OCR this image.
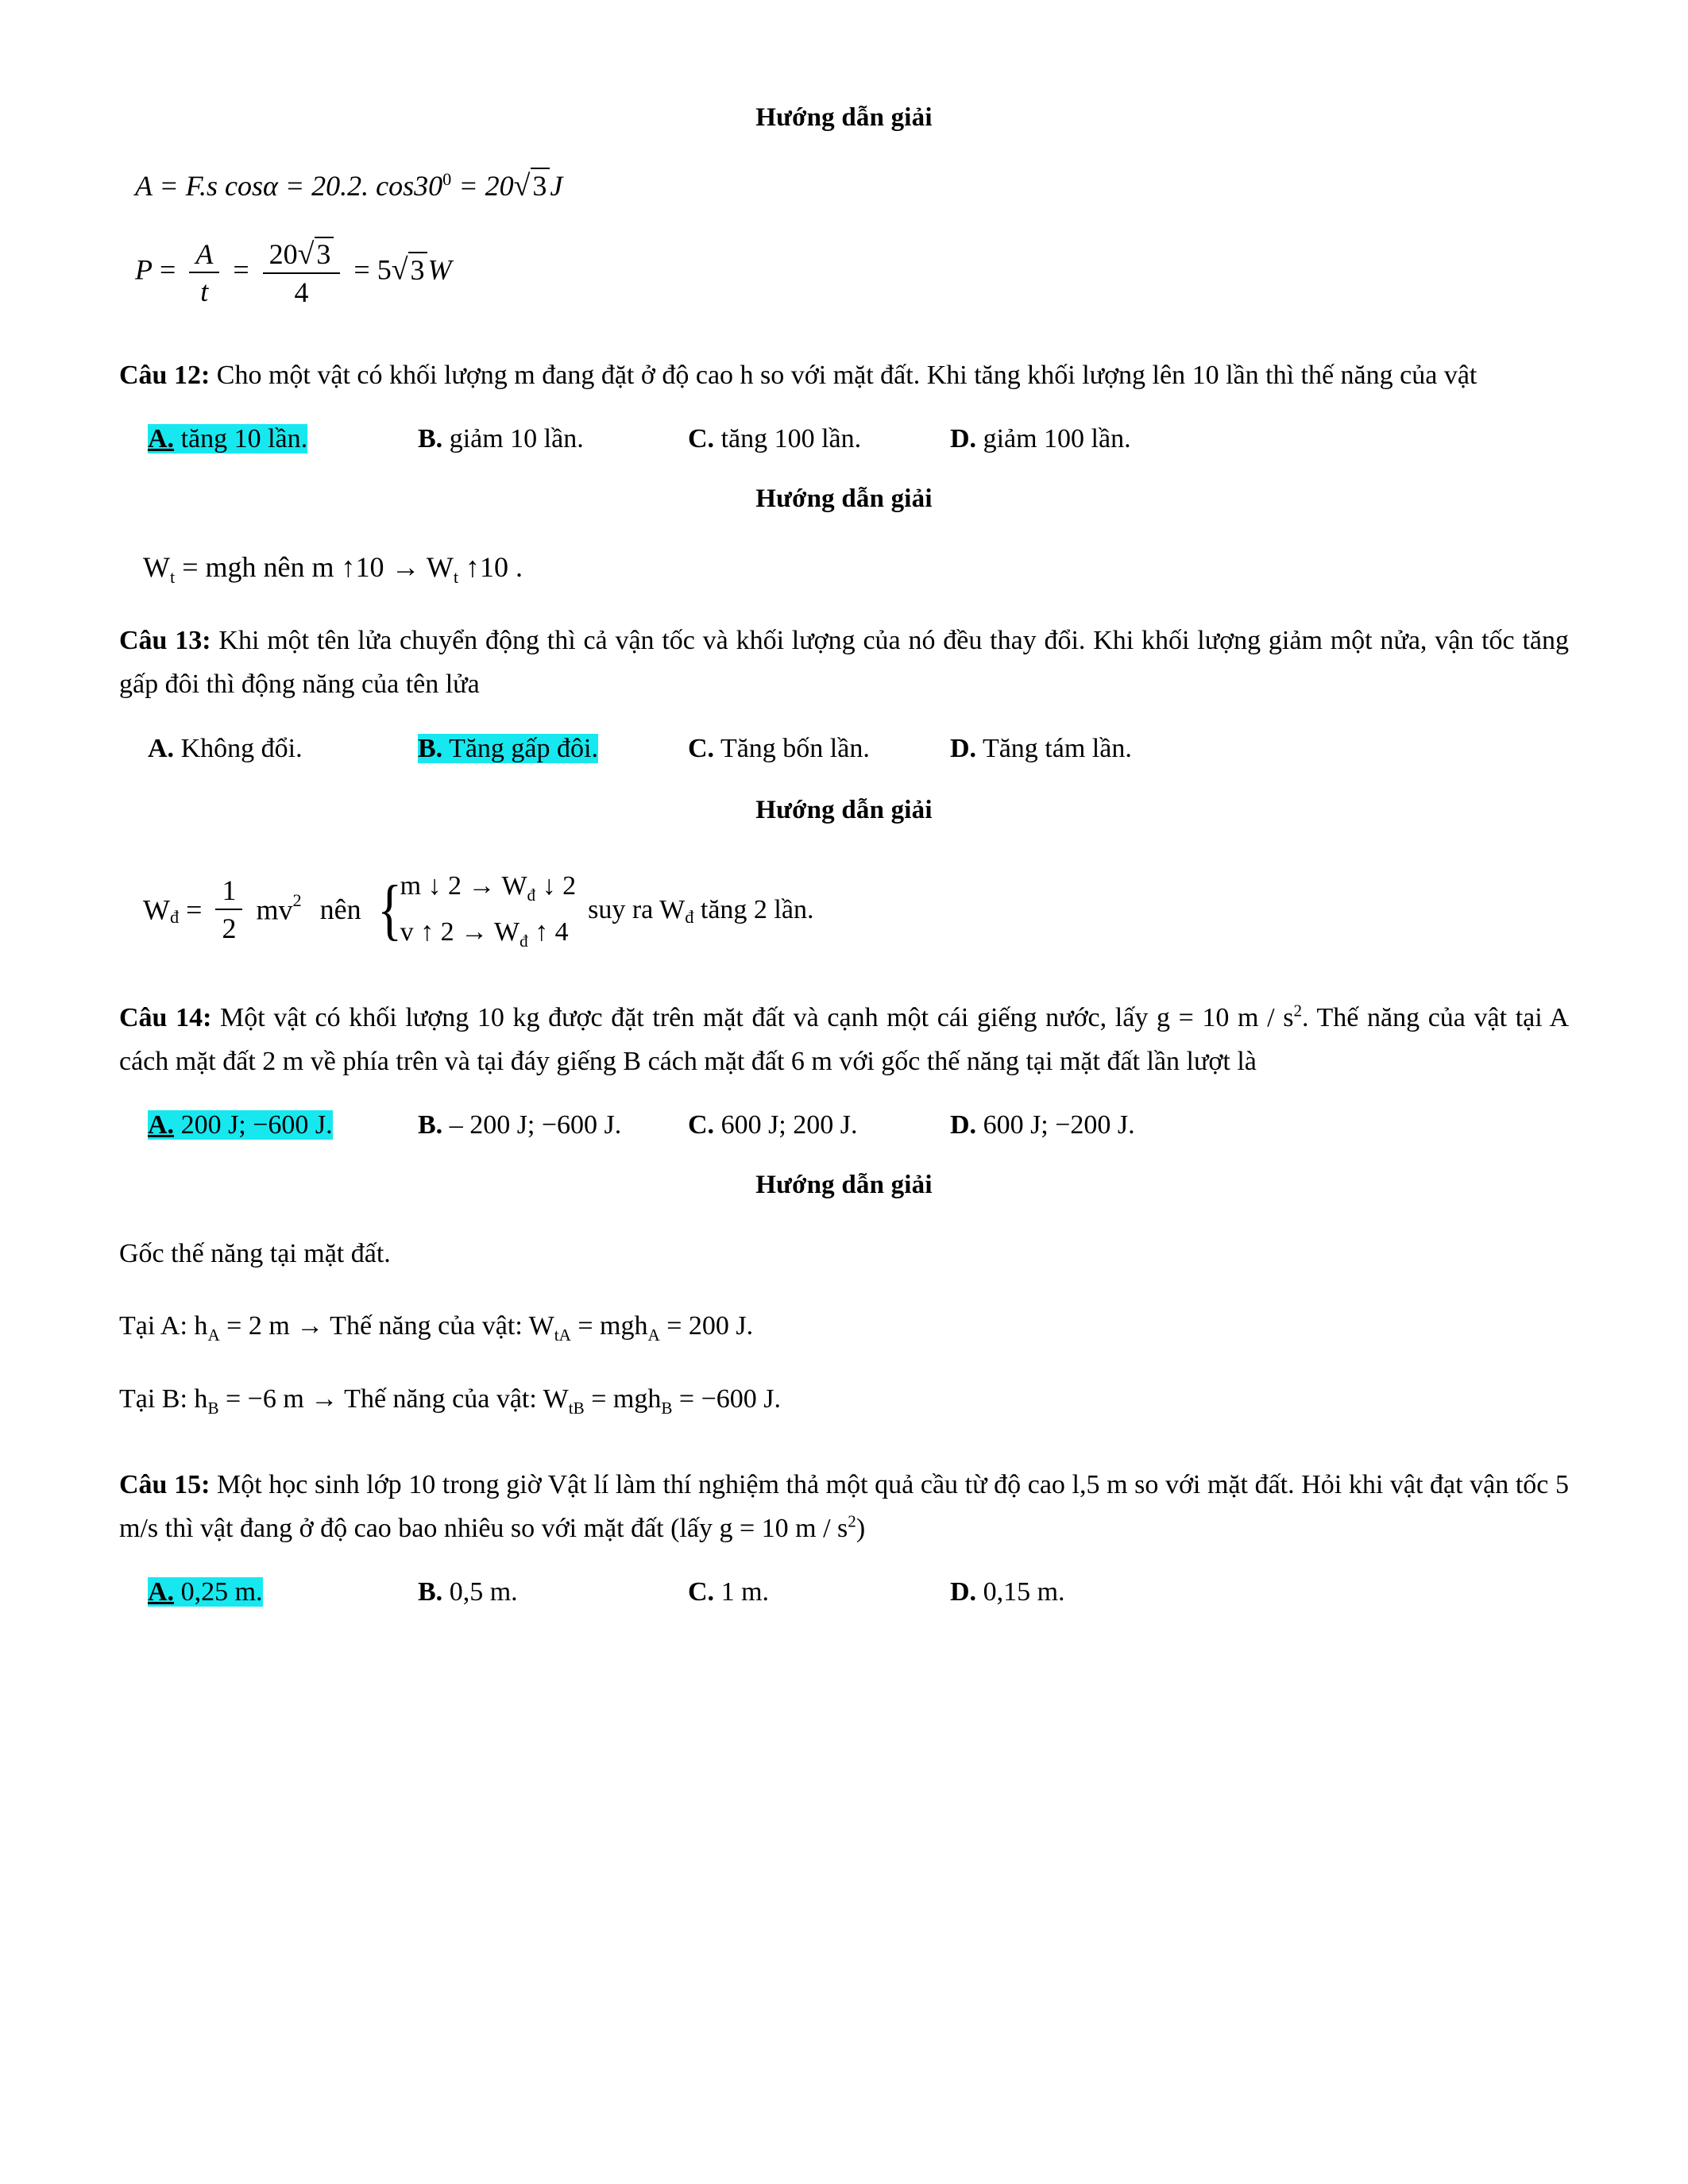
Hướng dẫn giải
A = F.s cosα = 20.2. $\cos 30^0 = 20√3$ J
$P = \frac{A}{t} = \frac{20√3}{4} = 5√3$ W

Câu 12: Cho một vật có khối lượng m đang đặt ở độ cao h so với mặt đất. Khi tăng khối lượng lên 10 lần thì thế năng của vật

A. tăng 10 lần.	B. giảm 10 lần.	C. tăng 100 lần.	D. giảm 100 lần.
Hướng dẫn giải
$W_t$ = mgh nên m ↑10 → $W_t$ ↑10 .

Câu 13: Khi một tên lửa chuyển động thì cả vận tốc và khối lượng của nó đều thay đổi. Khi khối lượng giảm một nửa, vận tốc tăng gấp đôi thì động năng của tên lửa

A. Không đổi.	B. Tăng gấp đôi.	C. Tăng bốn lần.	D. Tăng tám lần.
Hướng dẫn giải
$W_đ = \frac{1}{2} mv^2$ nên {
m ↓ $2 \to W_đ$ ↓ 2
v ↑ $2 \to W_đ$ ↑ 4
suy ra $W_đ$ tăng 2 lần.

Câu 14: Một vật có khối lượng 10 kg được đặt trên mặt đất và cạnh một cái giếng nước, lấy g = 10 m / $s^2$. Thế năng của vật tại A cách mặt đất 2 m về phía trên và tại đáy giếng B cách mặt đất 6 m với gốc thế năng tại mặt đất lần lượt là

A. 200 J; −600 J.	B. – 200 J; −600 J.	C. 600 J; 200 J.	D. 600 J; −200 J.
Hướng dẫn giải

Gốc thế năng tại mặt đất.

Tại A: $h_A = 2$ m → Thế năng của vật: $W_{tA} = mgh_A = 200$ J.

Tại B: $h_B = -6$ m → Thế năng của vật: $W_{tB} = mgh_B = -600$ J.

Câu 15: Một học sinh lớp 10 trong giờ Vật lí làm thí nghiệm thả một quả cầu từ độ cao l,5 m so với mặt đất. Hỏi khi vật đạt vận tốc 5 m/s thì vật đang ở độ cao bao nhiêu so với mặt đất (lấy g = 10 m / $s^2$)

A. 0,25 m.	B. 0,5 m.	C. 1 m.	D. 0,15 m.
